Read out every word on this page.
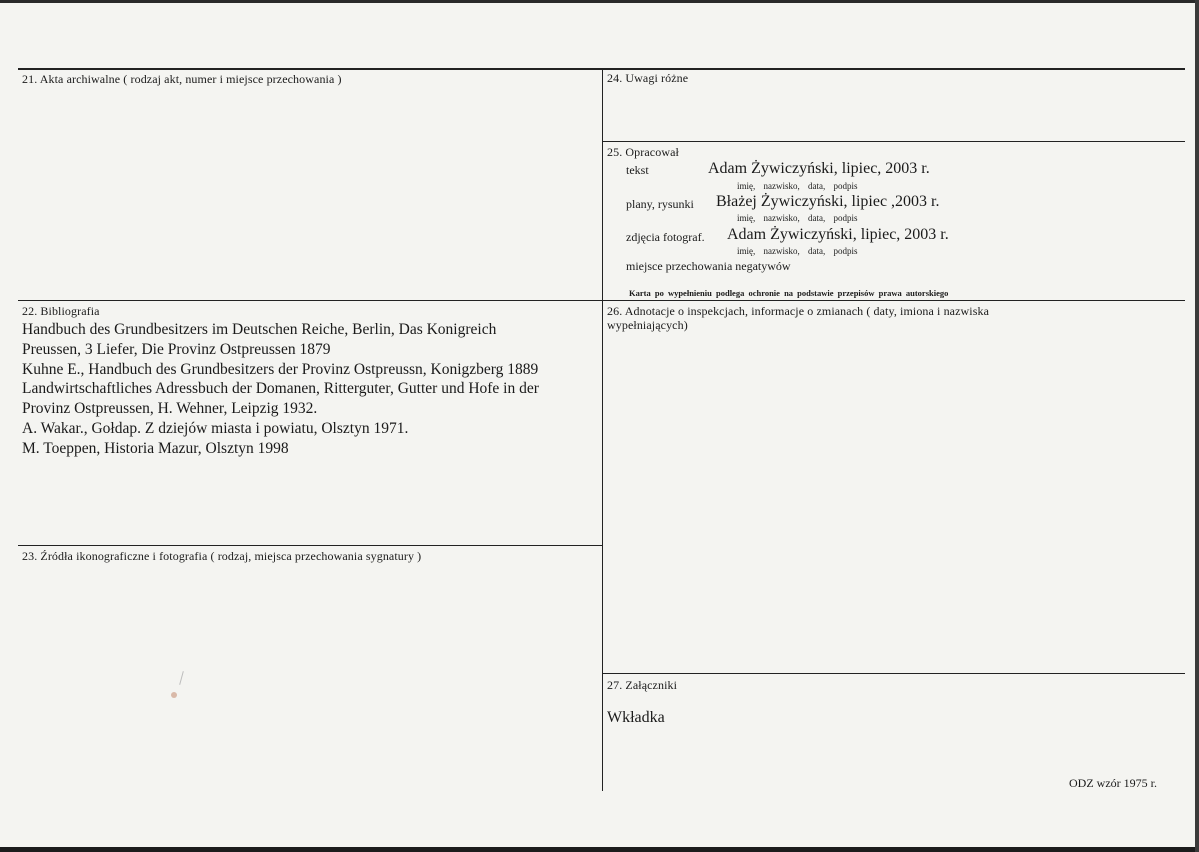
21. Akta archiwalne ( rodzaj akt, numer i miejsce przechowania )
22. Bibliografia
Handbuch des Grundbesitzers im Deutschen Reiche, Berlin, Das Konigreich
Preussen, 3 Liefer, Die Provinz Ostpreussen 1879
Kuhne E., Handbuch des Grundbesitzers der Provinz Ostpreussn, Konigzberg 1889
Landwirtschaftliches Adressbuch der Domanen, Ritterguter, Gutter und Hofe in der
Provinz Ostpreussen, H. Wehner, Leipzig 1932.
A. Wakar., Gołdap. Z dziejów miasta i powiatu, Olsztyn 1971.
M. Toeppen, Historia Mazur, Olsztyn 1998
23. Źródła ikonograficzne i fotografia ( rodzaj, miejsca przechowania sygnatury )
24. Uwagi różne
25. Opracował
tekst	Adam Żywiczyński, lipiec, 2003 r.
imię, nazwisko, data, podpis
plany, rysunki Błażej Żywiczyński, lipiec ,2003 r.
imię, nazwisko, data, podpis
zdjęcia fotograf. Adam Żywiczyński, lipiec, 2003 r.
imię, nazwisko, data, podpis
miejsce przechowania negatywów
Karta po wypełnieniu podlega ochronie na podstawie przepisów prawa autorskiego
26. Adnotacje o inspekcjach, informacje o zmianach ( daty, imiona i nazwiska
wypełniających)
27. Załączniki
Wkładka
ODZ wzór 1975 r.
